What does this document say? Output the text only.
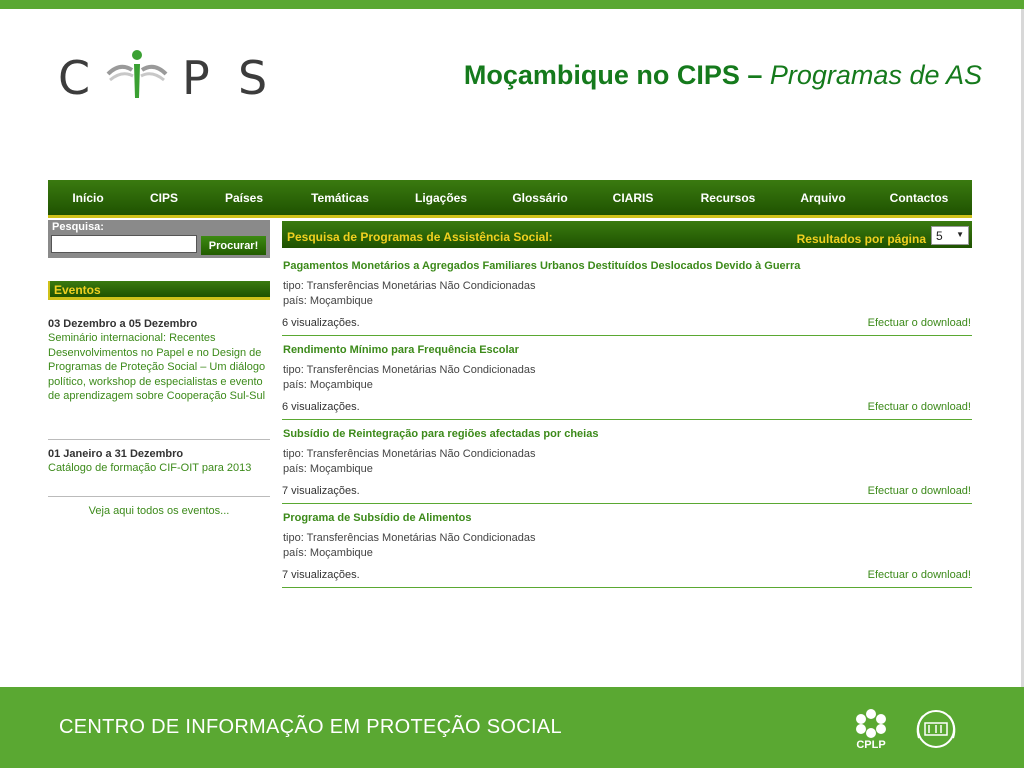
C P S	Moçambique no CIPS – Programas de AS
Início	CIPS	Países	Temáticas	Ligações	Glossário	CIARIS	Recursos	Arquivo	Contactos
Pesquisa:
Procurar!
Eventos
03 Dezembro a 05 Dezembro
Seminário internacional: Recentes Desenvolvimentos no Papel e no Design de Programas de Proteção Social – Um diálogo político, workshop de especialistas e evento de aprendizagem sobre Cooperação Sul-Sul
01 Janeiro a 31 Dezembro
Catálogo de formação CIF-OIT para 2013
Veja aqui todos os eventos...
Pesquisa de Programas de Assistência Social:	Resultados por página 5 ▼
Pagamentos Monetários a Agregados Familiares Urbanos Destituídos Deslocados Devido à Guerra
tipo: Transferências Monetárias Não Condicionadas
país: Moçambique
6 visualizações.	Efectuar o download!
Rendimento Mínimo para Frequência Escolar
tipo: Transferências Monetárias Não Condicionadas
país: Moçambique
6 visualizações.	Efectuar o download!
Subsídio de Reintegração para regiões afectadas por cheias
tipo: Transferências Monetárias Não Condicionadas
país: Moçambique
7 visualizações.	Efectuar o download!
Programa de Subsídio de Alimentos
tipo: Transferências Monetárias Não Condicionadas
país: Moçambique
7 visualizações.	Efectuar o download!
CENTRO DE INFORMAÇÃO EM PROTEÇÃO SOCIAL
CPLP
